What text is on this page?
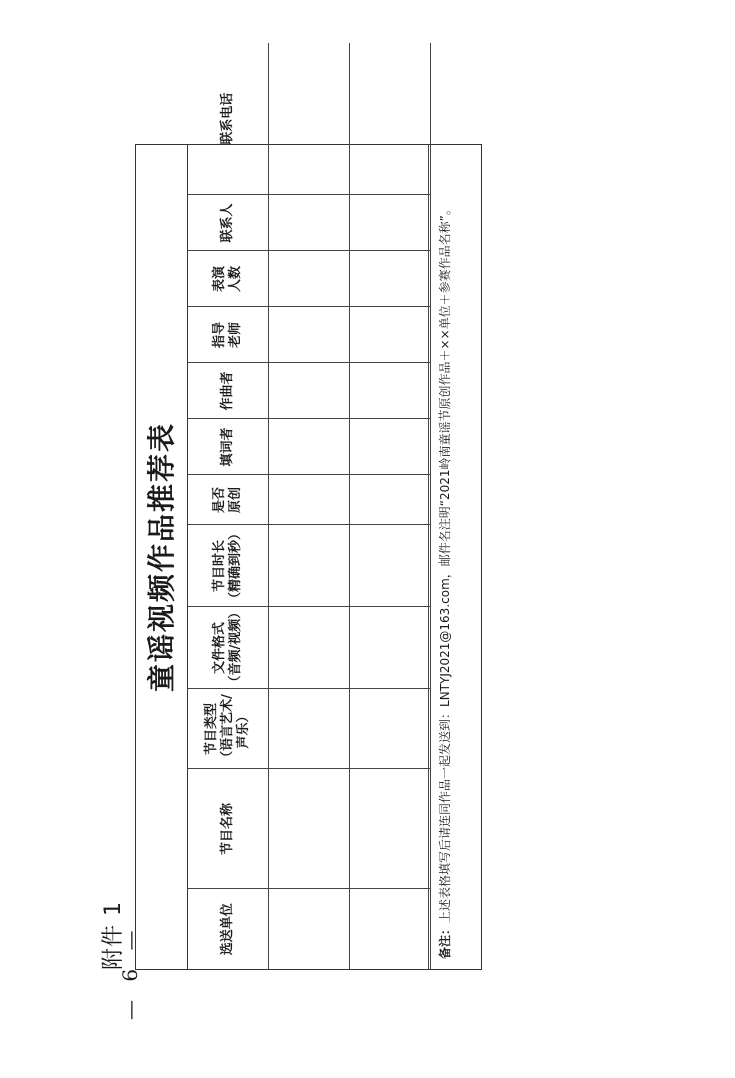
— 6 —
附件 1
童谣视频作品推荐表
选送单位	节目名称	节目类型
（语言艺术/
声乐）	文件格式
（音频/视频）	节目时长
（精确到秒）	是否
原创	填词者	作曲者	指导
老师	表演
人数	联系人	联系电话

备注：上述表格填写后请连同作品一起发送到：LNTYJ2021@163.com，邮件名注明“2021岭南童谣节原创作品＋××单位＋参赛作品名称”。
